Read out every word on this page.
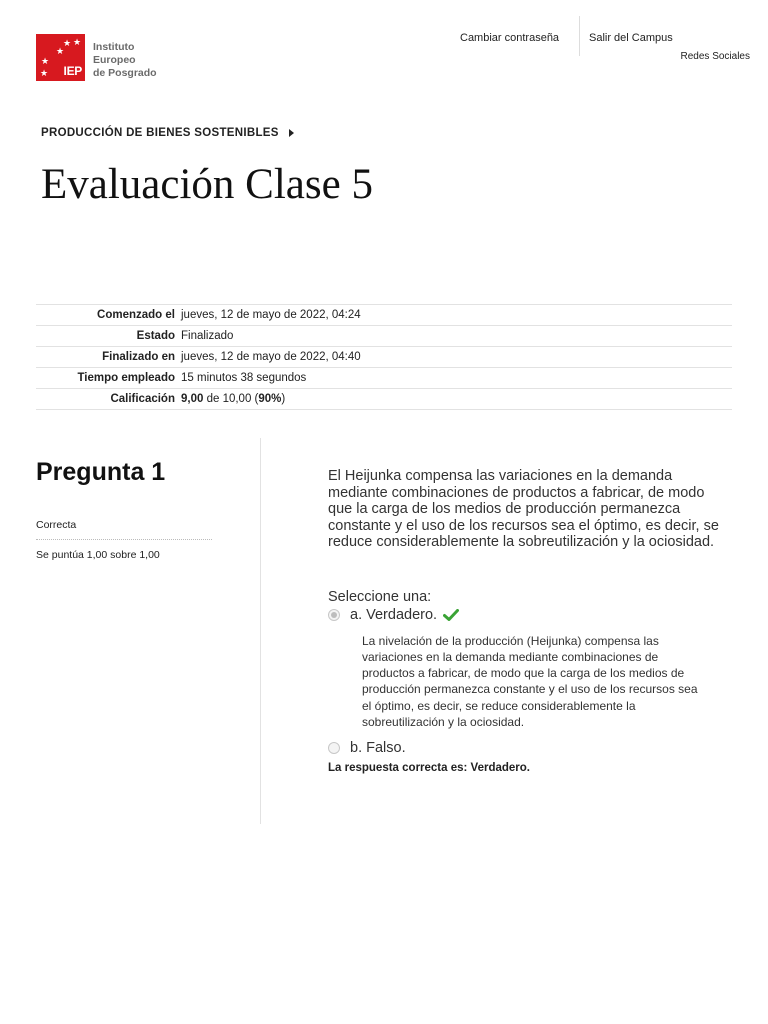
★ ★
★
★
★ IEP
Instituto
Europeo
de Posgrado
Cambiar contraseña	Salir del Campus
Redes Sociales
PRODUCCIÓN DE BIENES SOSTENIBLES
Evaluación Clase 5
Comenzado el	jueves, 12 de mayo de 2022, 04:24
Estado	Finalizado
Finalizado en	jueves, 12 de mayo de 2022, 04:40
Tiempo empleado	15 minutos 38 segundos
Calificación	9,00 de 10,00 (90%)
Pregunta 1
Correcta
Se puntúa 1,00 sobre 1,00
El Heijunka compensa las variaciones en la demanda mediante combinaciones de productos a fabricar, de modo que la carga de los medios de producción permanezca constante y el uso de los recursos sea el óptimo, es decir, se reduce considerablemente la sobreutilización y la ociosidad.
Seleccione una:
a. Verdadero.
La nivelación de la producción (Heijunka) compensa las variaciones en la demanda mediante combinaciones de productos a fabricar, de modo que la carga de los medios de producción permanezca constante y el uso de los recursos sea el óptimo, es decir, se reduce considerablemente la sobreutilización y la ociosidad.
b. Falso.
La respuesta correcta es: Verdadero.
